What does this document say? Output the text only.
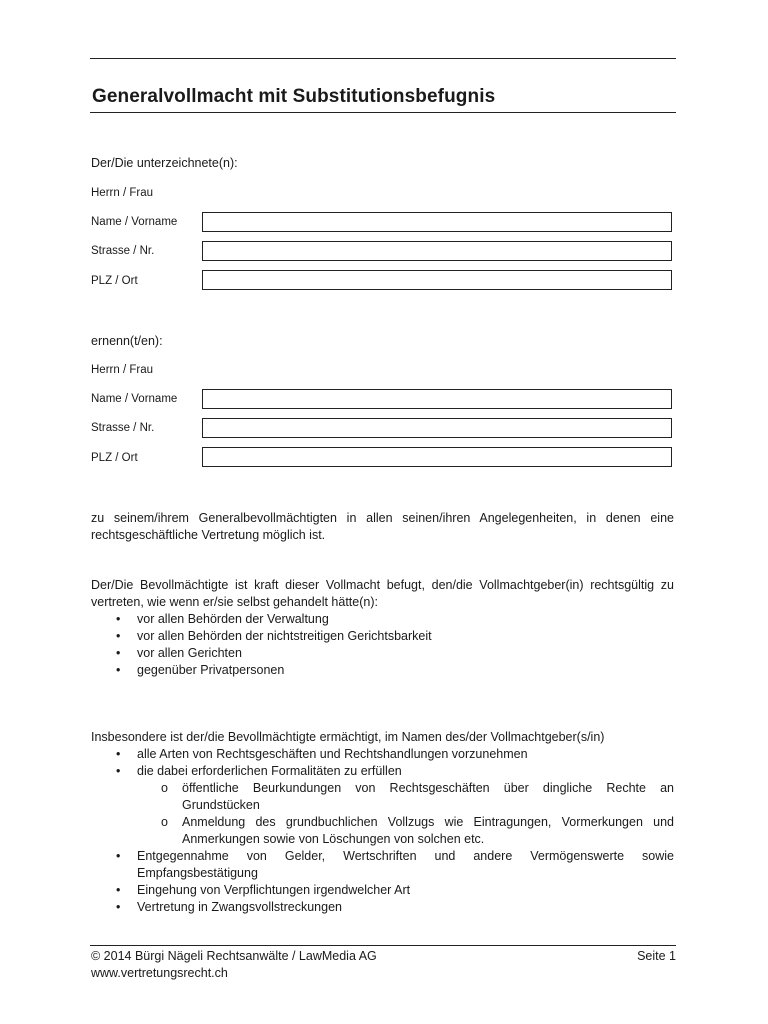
Generalvollmacht mit Substitutionsbefugnis
Der/Die unterzeichnete(n):
Herrn / Frau
Name / Vorname
Strasse / Nr.
PLZ / Ort
ernenn(t/en):
Herrn / Frau
Name / Vorname
Strasse / Nr.
PLZ / Ort
zu seinem/ihrem Generalbevollmächtigten in allen seinen/ihren Angelegenheiten, in denen eine
rechtsgeschäftliche Vertretung möglich ist.
Der/Die Bevollmächtigte ist kraft dieser Vollmacht befugt, den/die Vollmachtgeber(in) rechtsgültig zu
vertreten, wie wenn er/sie selbst gehandelt hätte(n):
• vor allen Behörden der Verwaltung
• vor allen Behörden der nichtstreitigen Gerichtsbarkeit
• vor allen Gerichten
• gegenüber Privatpersonen
Insbesondere ist der/die Bevollmächtigte ermächtigt, im Namen des/der Vollmachtgeber(s/in)
• alle Arten von Rechtsgeschäften und Rechtshandlungen vorzunehmen
• die dabei erforderlichen Formalitäten zu erfüllen
o öffentliche Beurkundungen von Rechtsgeschäften über dingliche Rechte an
Grundstücken
o Anmeldung des grundbuchlichen Vollzugs wie Eintragungen, Vormerkungen und
Anmerkungen sowie von Löschungen von solchen etc.
• Entgegennahme von Gelder, Wertschriften und andere Vermögenswerte sowie
Empfangsbestätigung
• Eingehung von Verpflichtungen irgendwelcher Art
• Vertretung in Zwangsvollstreckungen
© 2014 Bürgi Nägeli Rechtsanwälte / LawMedia AG
www.vertretungsrecht.ch
Seite 1
